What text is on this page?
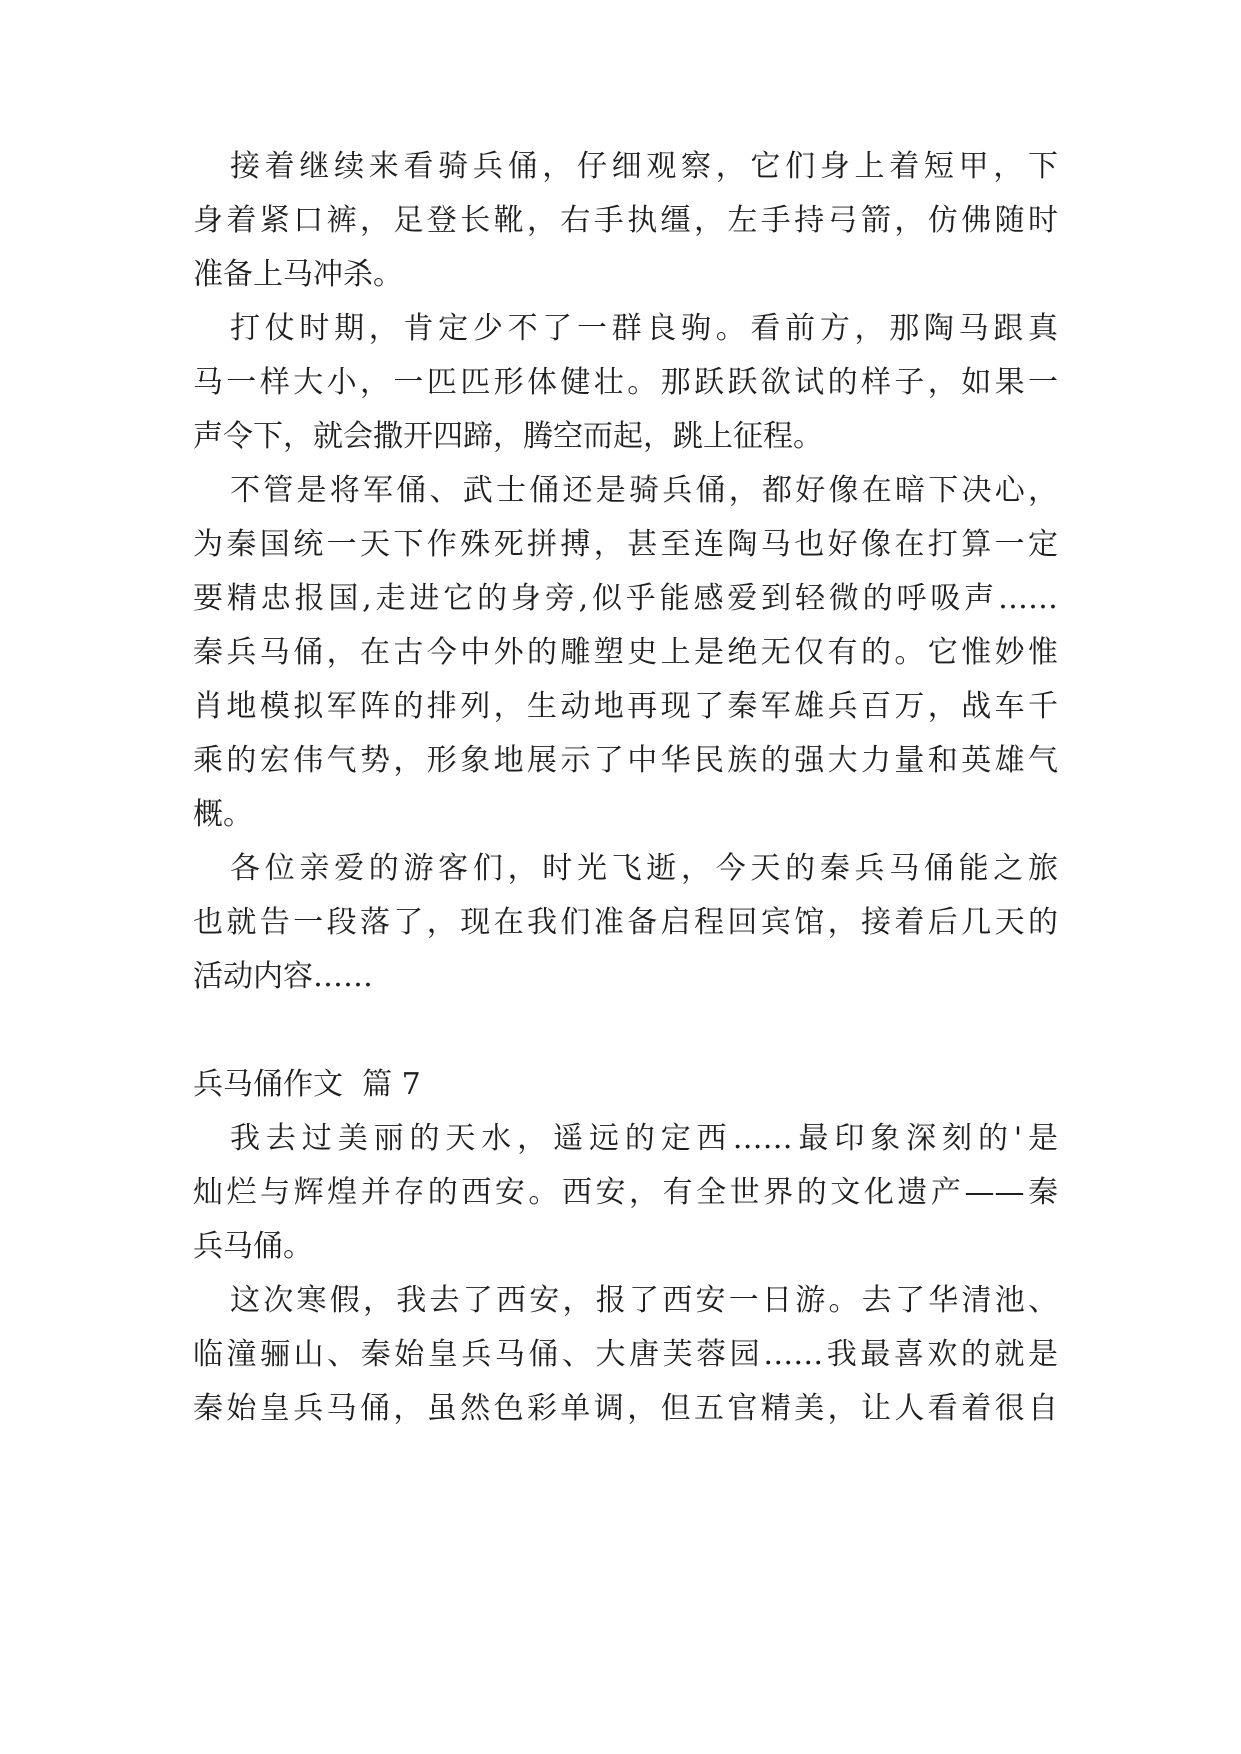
接着继续来看骑兵俑，仔细观察，它们身上着短甲，下
身着紧口裤，足登长靴，右手执缰，左手持弓箭，仿佛随时
准备上马冲杀。
打仗时期，肯定少不了一群良驹。看前方，那陶马跟真
马一样大小，一匹匹形体健壮。那跃跃欲试的样子，如果一
声令下，就会撒开四蹄，腾空而起，跳上征程。
不管是将军俑、武士俑还是骑兵俑，都好像在暗下决心，
为秦国统一天下作殊死拼搏，甚至连陶马也好像在打算一定
要精忠报国,走进它的身旁,似乎能感爱到轻微的呼吸声……
秦兵马俑，在古今中外的雕塑史上是绝无仅有的。它惟妙惟
肖地模拟军阵的排列，生动地再现了秦军雄兵百万，战车千
乘的宏伟气势，形象地展示了中华民族的强大力量和英雄气
概。
各位亲爱的游客们，时光飞逝，今天的秦兵马俑能之旅
也就告一段落了，现在我们准备启程回宾馆，接着后几天的
活动内容……
兵马俑作文  篇 7
我去过美丽的天水，遥远的定西……最印象深刻的'是
灿烂与辉煌并存的西安。西安，有全世界的文化遗产——秦
兵马俑。
这次寒假，我去了西安，报了西安一日游。去了华清池、
临潼骊山、秦始皇兵马俑、大唐芙蓉园……我最喜欢的就是
秦始皇兵马俑，虽然色彩单调，但五官精美，让人看着很自
